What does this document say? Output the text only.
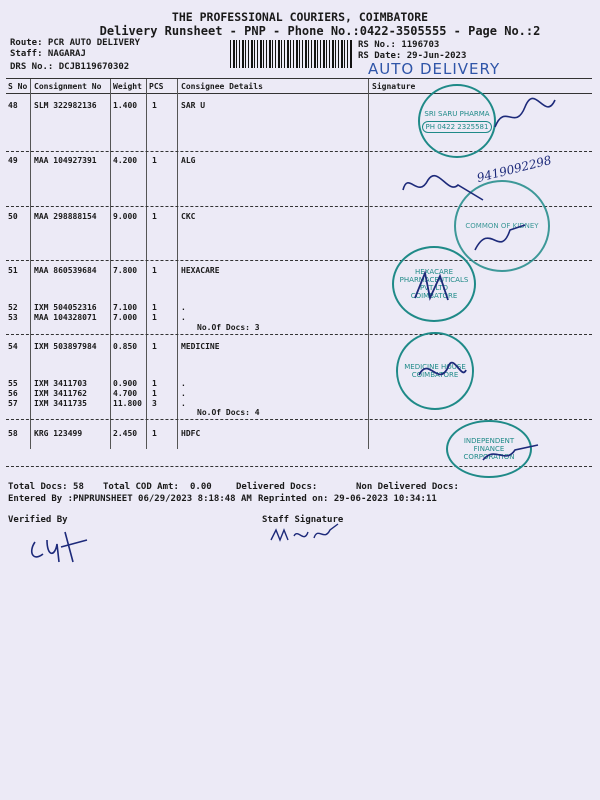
THE PROFESSIONAL COURIERS, COIMBATORE
Delivery Runsheet - PNP - Phone No.:0422-3505555 - Page No.:2
Route: PCR AUTO DELIVERY
Staff: NAGARAJ
DRS No.: DCJB119670302
RS No.: 1196703
RS Date: 29-Jun-2023
AUTO DELIVERY
S No Consignment No Weight PCS Consignee Details	Signature
48 SLM 322982136 1.400 1	SAR U
49 MAA 104927391 4.200 1	ALG
50 MAA 298888154 9.000 1	CKC
51 MAA 860539684 7.800 1	HEXACARE
52 IXM 504052316 7.100 1	.
53 MAA 104328071 7.000 1	.
No.Of Docs: 3
54 IXM 503897984 0.850 1	MEDICINE
55 IXM 3411703	0.900 1	.
56 IXM 3411762	4.700 1	.
57 IXM 3411735	11.800 3	.
No.Of Docs: 4
58 KRG 123499	2.450 1	HDFC
SRI SARU PHARMA
PH 0422 2325581
COMMON OF KIDNEY
HEXACARE PHARMACEUTICALS PVT LTD
COIMBATORE
MEDICINE HOUSE
COIMBATORE
INDEPENDENT FINANCE CORPORATION
9419092298
Total Docs: 58 Total COD Amt: 0.00	Delivered Docs:	Non Delivered Docs:
Entered By :PNPRUNSHEET 06/29/2023 8:18:48 AM Reprinted on: 29-06-2023 10:34:11
Verified By	Staff Signature
